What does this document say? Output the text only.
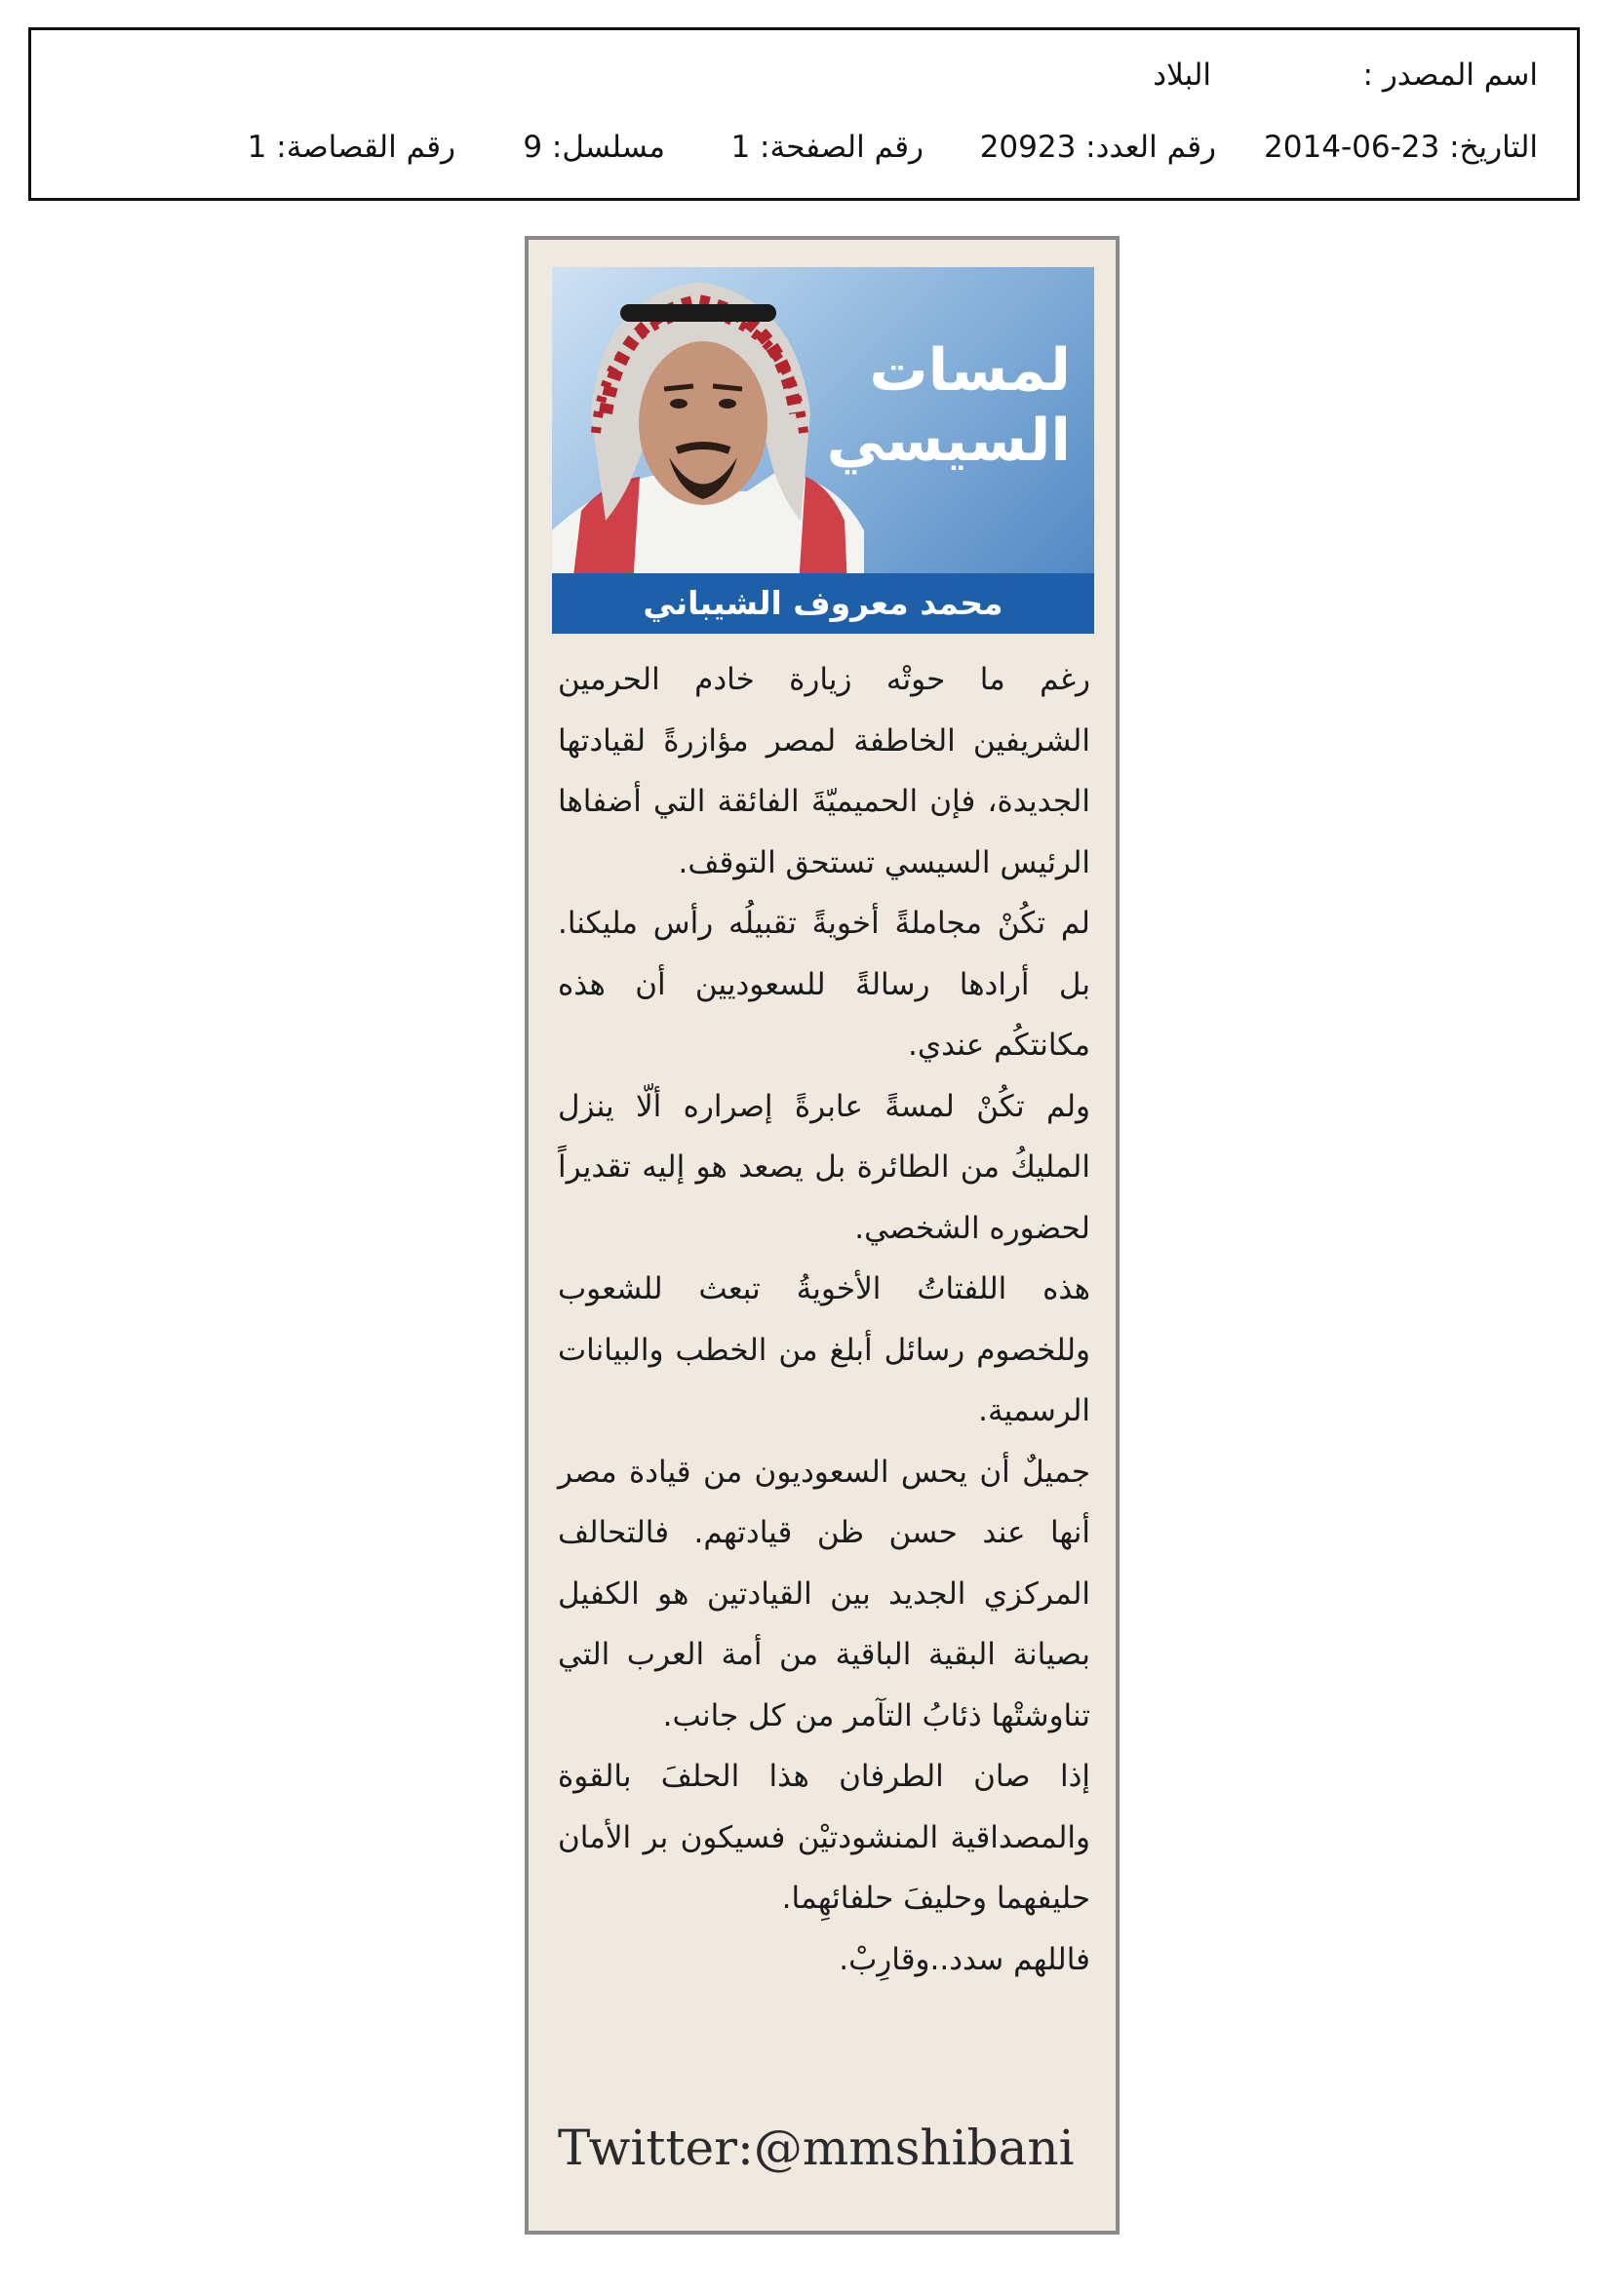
اسم المصدر :
البلاد
التاريخ: 23-06-2014
رقم العدد: 20923
رقم الصفحة: 1
مسلسل: 9
رقم القصاصة: 1
لمسات
السيسي
محمد معروف الشيباني

رغم ما حوتْه زيارة خادم الحرمين الشريفين الخاطفة لمصر مؤازرةً لقيادتها الجديدة، فإن الحميميّةَ الفائقة التي أضفاها الرئيس السيسي تستحق التوقف.

لم تكُنْ مجاملةً أخويةً تقبيلُه رأس مليكنا. بل أرادها رسالةً للسعوديين أن هذه مكانتكُم عندي.

ولم تكُنْ لمسةً عابرةً إصراره ألّا ينزل المليكُ من الطائرة بل يصعد هو إليه تقديراً لحضوره الشخصي.

هذه اللفتاتُ الأخويةُ تبعث للشعوب وللخصوم رسائل أبلغ من الخطب والبيانات الرسمية.

جميلٌ أن يحس السعوديون من قيادة مصر أنها عند حسن ظن قيادتهم. فالتحالف المركزي الجديد بين القيادتين هو الكفيل بصيانة البقية الباقية من أمة العرب التي تناوشتْها ذئابُ التآمر من كل جانب.

إذا صان الطرفان هذا الحلفَ بالقوة والمصداقية المنشودتيْن فسيكون بر الأمان حليفهما وحليفَ حلفائهِما.

فاللهم سدد..وقارِبْ.

Twitter:@mmshibani
